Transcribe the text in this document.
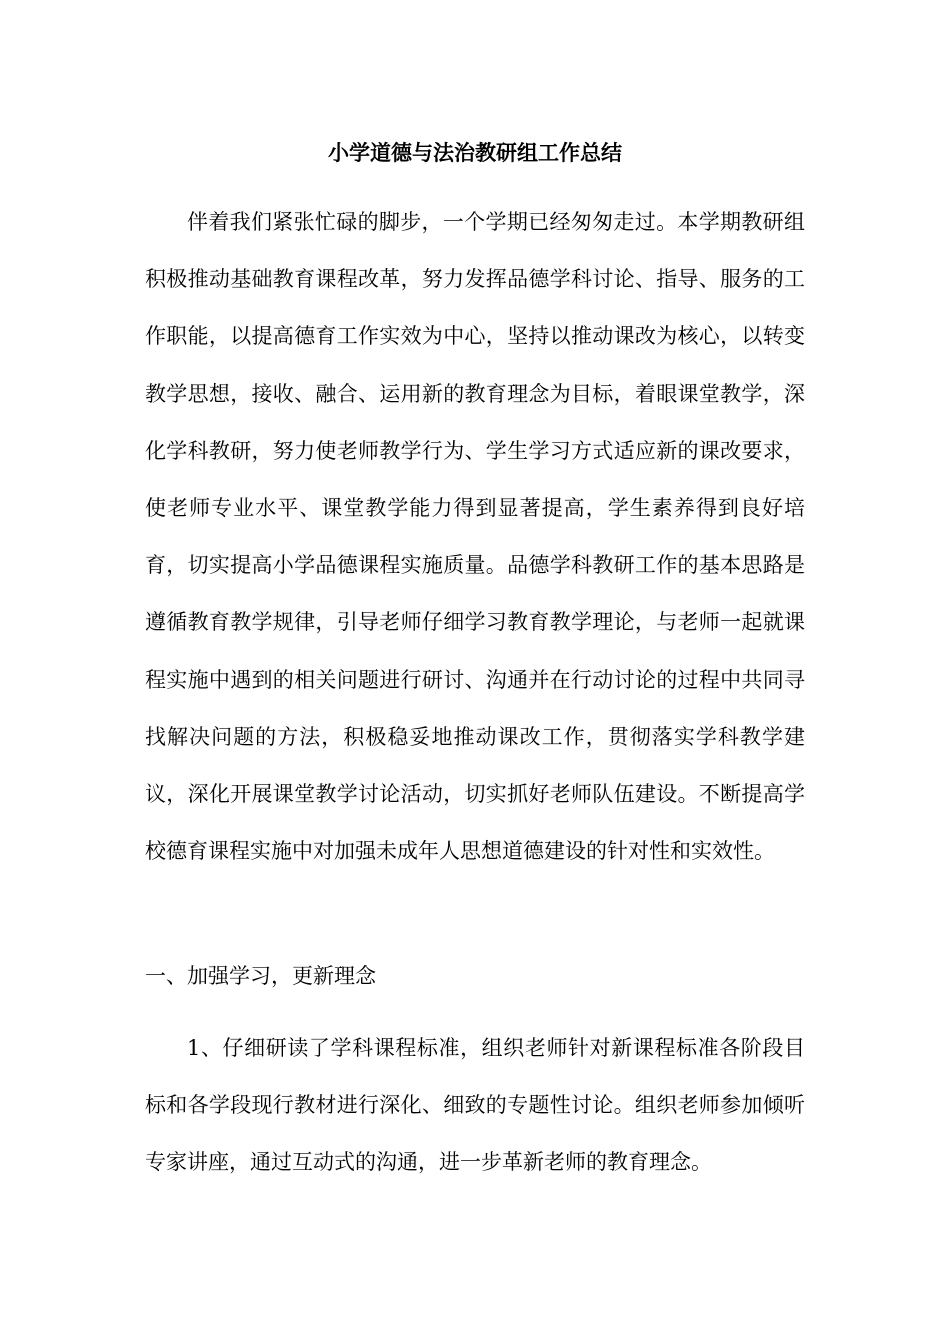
小学道德与法治教研组工作总结

伴着我们紧张忙碌的脚步，一个学期已经匆匆走过。本学期教研组积极推动基础教育课程改革，努力发挥品德学科讨论、指导、服务的工作职能，以提高德育工作实效为中心，坚持以推动课改为核心，以转变教学思想，接收、融合、运用新的教育理念为目标，着眼课堂教学，深化学科教研，努力使老师教学行为、学生学习方式适应新的课改要求，使老师专业水平、课堂教学能力得到显著提高，学生素养得到良好培育，切实提高小学品德课程实施质量。品德学科教研工作的基本思路是遵循教育教学规律，引导老师仔细学习教育教学理论，与老师一起就课程实施中遇到的相关问题进行研讨、沟通并在行动讨论的过程中共同寻找解决问题的方法，积极稳妥地推动课改工作，贯彻落实学科教学建议，深化开展课堂教学讨论活动，切实抓好老师队伍建设。不断提高学校德育课程实施中对加强未成年人思想道德建设的针对性和实效性。

一、加强学习，更新理念

1、仔细研读了学科课程标准，组织老师针对新课程标准各阶段目标和各学段现行教材进行深化、细致的专题性讨论。组织老师参加倾听专家讲座，通过互动式的沟通，进一步革新老师的教育理念。
